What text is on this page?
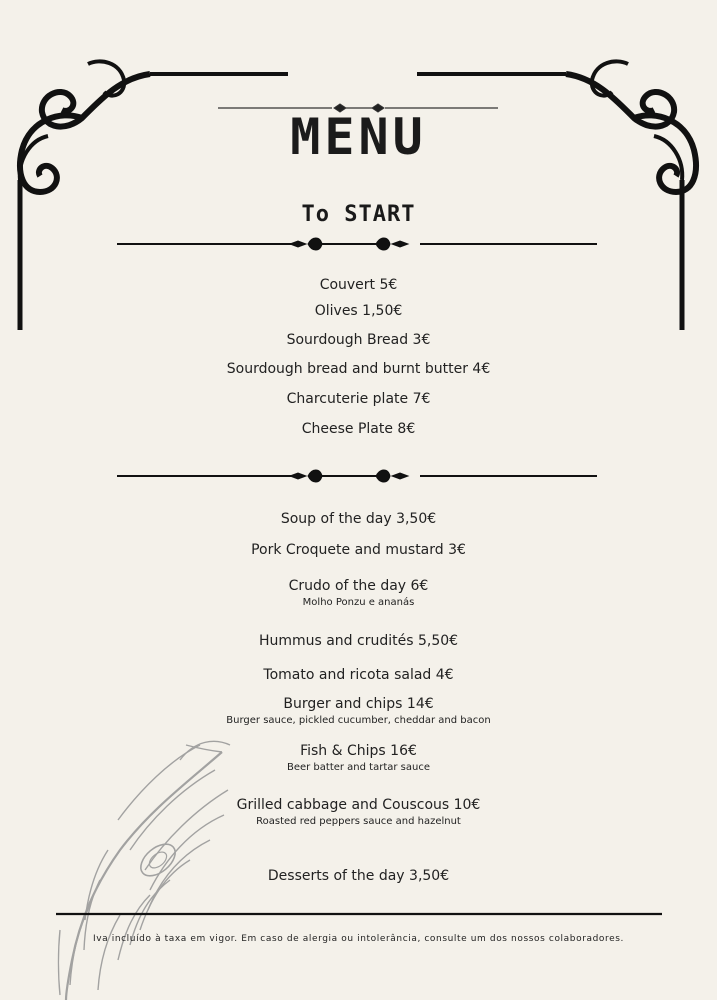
MENU
To START
Couvert 5€
Olives 1,50€
Sourdough Bread 3€
Sourdough bread and burnt butter 4€
Charcuterie plate 7€
Cheese Plate 8€
Soup of the day 3,50€
Pork Croquete and mustard 3€
Crudo of the day 6€
Molho Ponzu e ananás
Hummus and crudités 5,50€
Tomato and ricota salad 4€
Burger and chips 14€
Burger sauce, pickled cucumber, cheddar and bacon
Fish & Chips 16€
Beer batter and tartar sauce
Grilled cabbage and Couscous 10€
Roasted red peppers sauce and hazelnut
Desserts of the day 3,50€
Iva incluído à taxa em vigor. Em caso de alergia ou intolerância, consulte um dos nossos colaboradores.
